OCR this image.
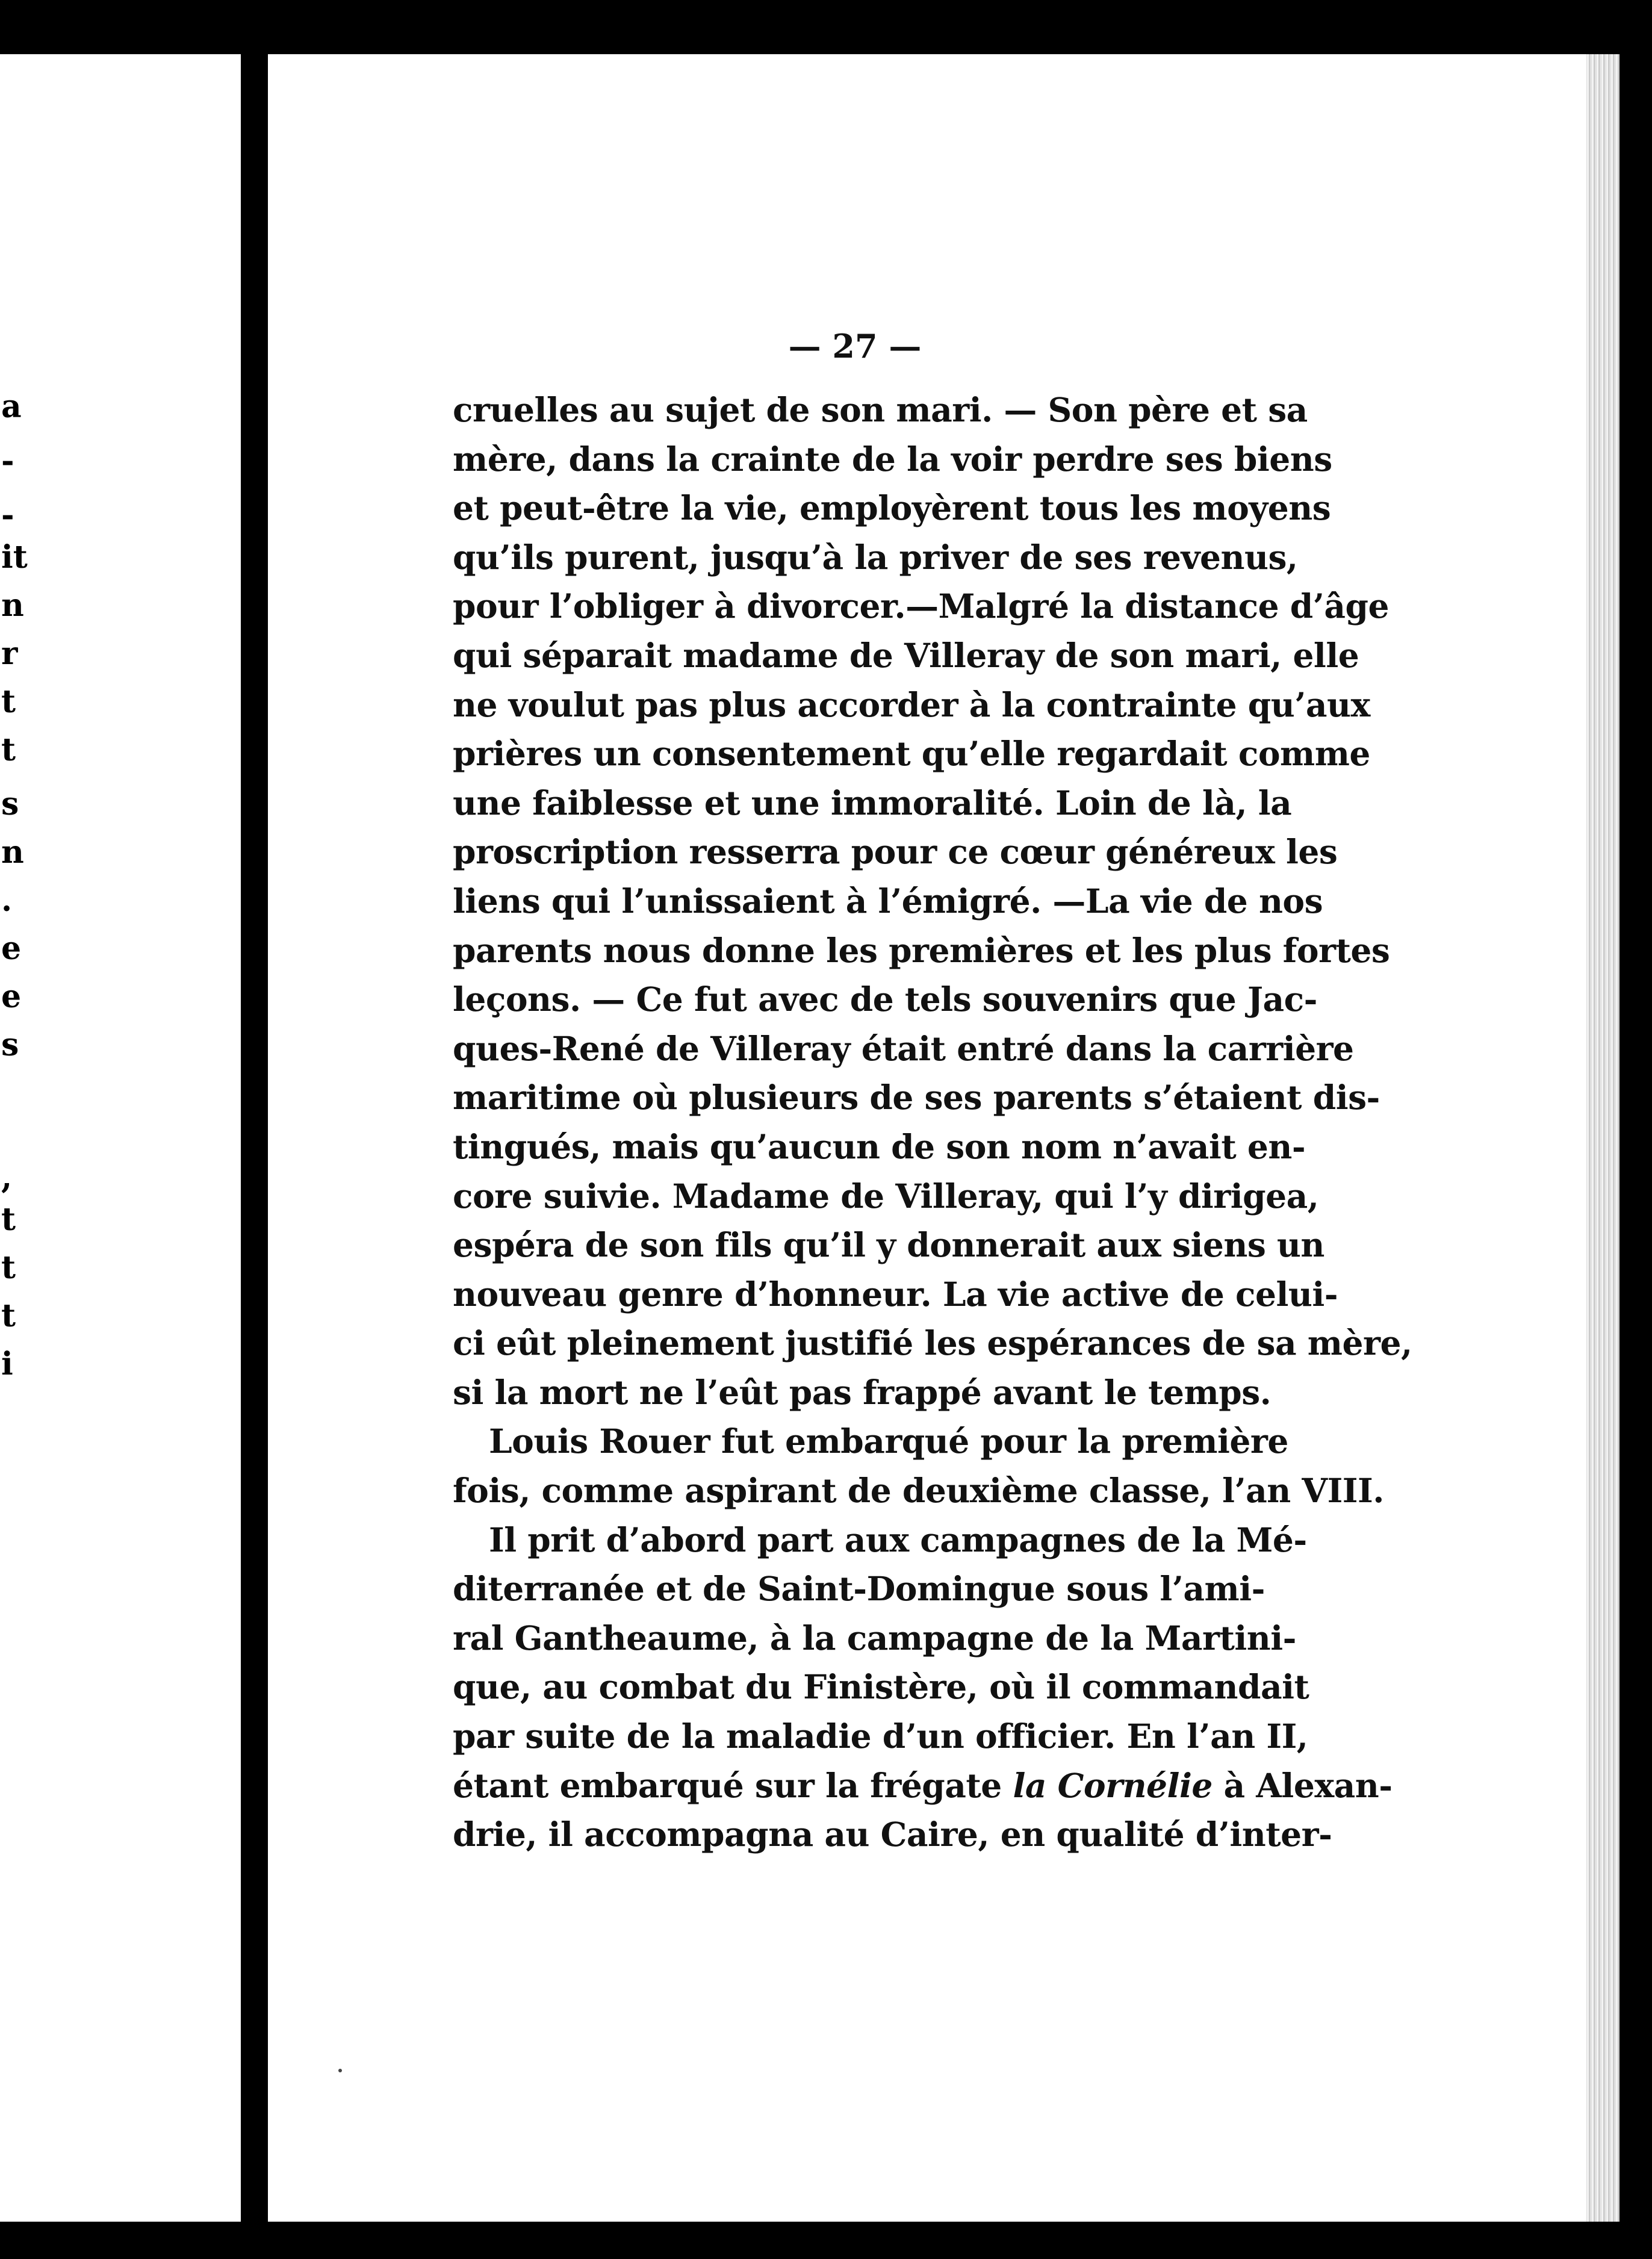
a
-
-
it
n
r
t
t
s
n
.
e
e
s
,
t
t
t
i
— 27 —
cruelles au sujet de son mari. — Son père et sa
mère, dans la crainte de la voir perdre ses biens
et peut-être la vie, employèrent tous les moyens
qu’ils purent, jusqu’à la priver de ses revenus,
pour l’obliger à divorcer.—Malgré la distance d’âge
qui séparait madame de Villeray de son mari, elle
ne voulut pas plus accorder à la contrainte qu’aux
prières un consentement qu’elle regardait comme
une faiblesse et une immoralité. Loin de là, la
proscription resserra pour ce cœur généreux les
liens qui l’unissaient à l’émigré. —La vie de nos
parents nous donne les premières et les plus fortes
leçons. — Ce fut avec de tels souvenirs que Jac-
ques-René de Villeray était entré dans la carrière
maritime où plusieurs de ses parents s’étaient dis-
tingués, mais qu’aucun de son nom n’avait en-
core suivie. Madame de Villeray, qui l’y dirigea,
espéra de son fils qu’il y donnerait aux siens un
nouveau genre d’honneur. La vie active de celui-
ci eût pleinement justifié les espérances de sa mère,
si la mort ne l’eût pas frappé avant le temps.
Louis Rouer fut embarqué pour la première
fois, comme aspirant de deuxième classe, l’an VIII.
Il prit d’abord part aux campagnes de la Mé-
diterranée et de Saint-Domingue sous l’ami-
ral Gantheaume, à la campagne de la Martini-
que, au combat du Finistère, où il commandait
par suite de la maladie d’un officier. En l’an II,
étant embarqué sur la frégate la Cornélie à Alexan-
drie, il accompagna au Caire, en qualité d’inter-
